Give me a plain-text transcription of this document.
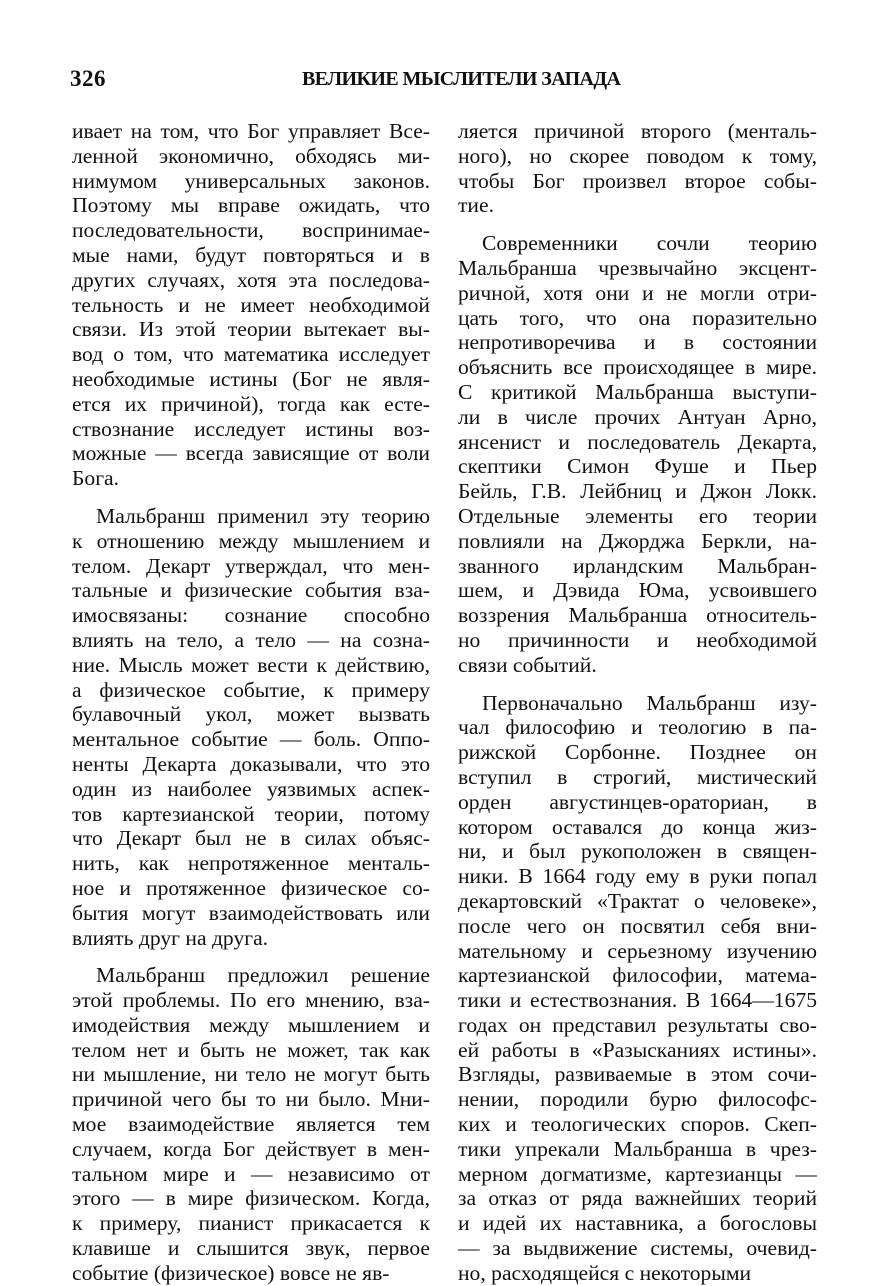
326	ВЕЛИКИЕ МЫСЛИТЕЛИ ЗАПАДА

ивает на том, что Бог управляет Все-
ленной экономично, обходясь ми-
нимумом универсальных законов.
Поэтому мы вправе ожидать, что
последовательности, воспринимае-
мые нами, будут повторяться и в
других случаях, хотя эта последова-
тельность и не имеет необходимой
связи. Из этой теории вытекает вы-
вод о том, что математика исследует
необходимые истины (Бог не явля-
ется их причиной), тогда как есте-
ствознание исследует истины воз-
можные — всегда зависящие от воли
Бога.

Мальбранш применил эту теорию
к отношению между мышлением и
телом. Декарт утверждал, что мен-
тальные и физические события вза-
имосвязаны: сознание способно
влиять на тело, а тело — на созна-
ние. Мысль может вести к действию,
а физическое событие, к примеру
булавочный укол, может вызвать
ментальное событие — боль. Оппо-
ненты Декарта доказывали, что это
один из наиболее уязвимых аспек-
тов картезианской теории, потому
что Декарт был не в силах объяс-
нить, как непротяженное менталь-
ное и протяженное физическое со-
бытия могут взаимодействовать или
влиять друг на друга.

Мальбранш предложил решение
этой проблемы. По его мнению, вза-
имодействия между мышлением и
телом нет и быть не может, так как
ни мышление, ни тело не могут быть
причиной чего бы то ни было. Мни-
мое взаимодействие является тем
случаем, когда Бог действует в мен-
тальном мире и — независимо от
этого — в мире физическом. Когда,
к примеру, пианист прикасается к
клавише и слышится звук, первое
событие (физическое) вовсе не яв-

ляется причиной второго (менталь-
ного), но скорее поводом к тому,
чтобы Бог произвел второе собы-
тие.

Современники сочли теорию
Мальбранша чрезвычайно эксцент-
ричной, хотя они и не могли отри-
цать того, что она поразительно
непротиворечива и в состоянии
объяснить все происходящее в мире.
С критикой Мальбранша выступи-
ли в числе прочих Антуан Арно,
янсенист и последователь Декарта,
скептики Симон Фуше и Пьер
Бейль, Г.В. Лейбниц и Джон Локк.
Отдельные элементы его теории
повлияли на Джорджа Беркли, на-
званного ирландским Мальбран-
шем, и Дэвида Юма, усвоившего
воззрения Мальбранша относитель-
но причинности и необходимой
связи событий.

Первоначально Мальбранш изу-
чал философию и теологию в па-
рижской Сорбонне. Позднее он
вступил в строгий, мистический
орден августинцев-ораториан, в
котором оставался до конца жиз-
ни, и был рукоположен в священ-
ники. В 1664 году ему в руки попал
декартовский «Трактат о человеке»,
после чего он посвятил себя вни-
мательному и серьезному изучению
картезианской философии, матема-
тики и естествознания. В 1664—1675
годах он представил результаты сво-
ей работы в «Разысканиях истины».
Взгляды, развиваемые в этом сочи-
нении, породили бурю философс-
ких и теологических споров. Скеп-
тики упрекали Мальбранша в чрез-
мерном догматизме, картезианцы —
за отказ от ряда важнейших теорий
и идей их наставника, а богословы
— за выдвижение системы, очевид-
но, расходящейся с некоторыми
